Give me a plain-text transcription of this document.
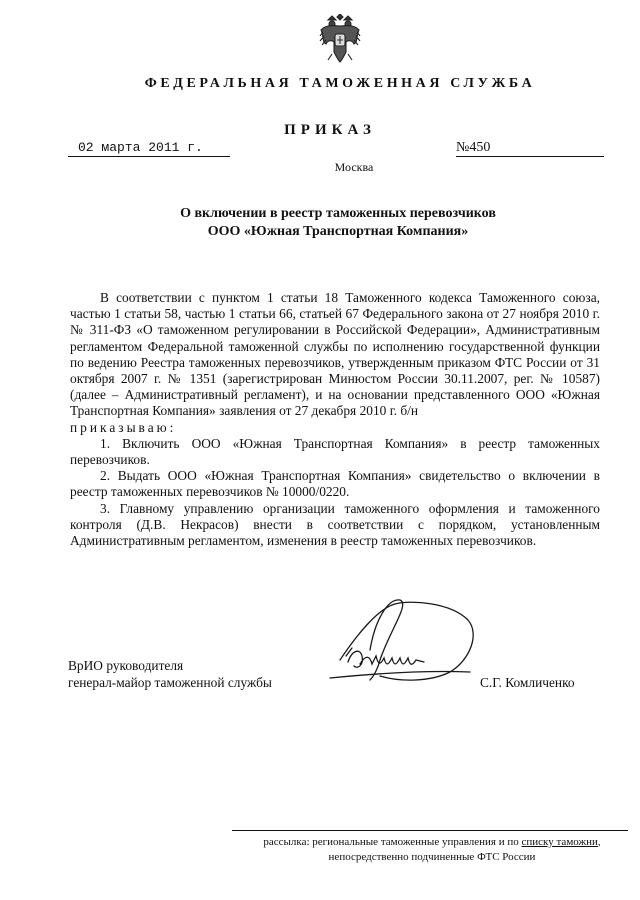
ФЕДЕРАЛЬНАЯ ТАМОЖЕННАЯ СЛУЖБА
ПРИКАЗ
02 марта 2011 г.	№450
Москва
О включении в реестр таможенных перевозчиков
ООО «Южная Транспортная Компания»

В соответствии с пунктом 1 статьи 18 Таможенного кодекса Таможенного союза, частью 1 статьи 58, частью 1 статьи 66, статьей 67 Федерального закона от 27 ноября 2010 г. № 311-ФЗ «О таможенном регулировании в Российской Федерации», Административным регламентом Федеральной таможенной службы по исполнению государственной функции по ведению Реестра таможенных перевозчиков, утвержденным приказом ФТС России от 31 октября 2007 г. № 1351 (зарегистрирован Минюстом России 30.11.2007, рег. № 10587) (далее – Административный регламент), и на основании представленного ООО «Южная Транспортная Компания» заявления от 27 декабря 2010 г. б/н

приказываю:

1. Включить ООО «Южная Транспортная Компания» в реестр таможенных перевозчиков.

2. Выдать ООО «Южная Транспортная Компания» свидетельство о включении в реестр таможенных перевозчиков № 10000/0220.

3. Главному управлению организации таможенного оформления и таможенного контроля (Д.В. Некрасов) внести в соответствии с порядком, установленным Административным регламентом, изменения в реестр таможенных перевозчиков.

ВрИО руководителя
генерал-майор таможенной службы	С.Г. Комличенко
рассылка: региональные таможенные управления и по списку таможни,
непосредственно подчиненные ФТС России
